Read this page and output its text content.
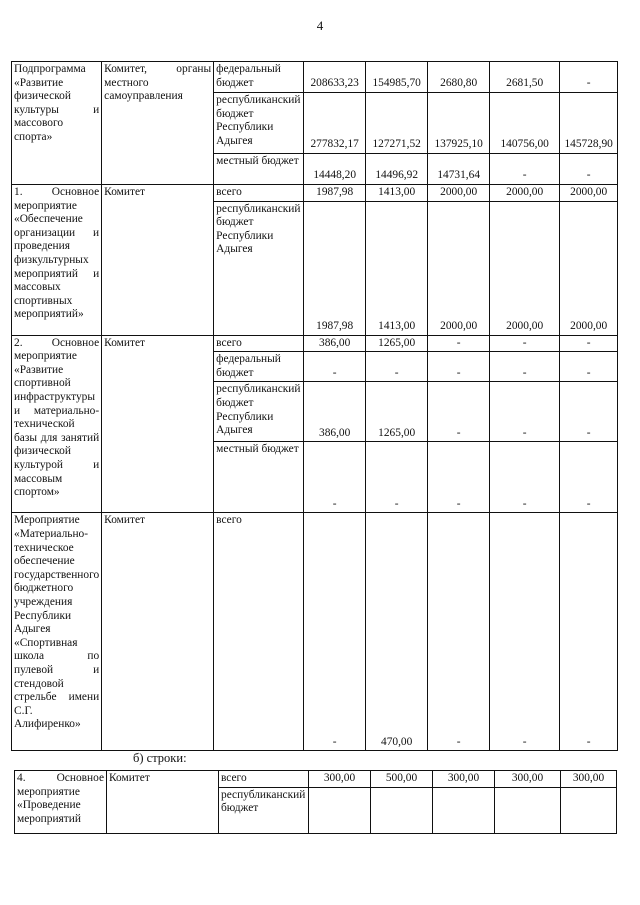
4
Подпрограмма «Развитие физической культуры и массового спорта»	Комитет, органы местного самоуправления	федеральный бюджет	208633,23	154985,70	2680,80	2681,50	-
		республиканский бюджет Республики Адыгея	277832,17	127271,52	137925,10	140756,00	145728,90
		местный бюджет	14448,20	14496,92	14731,64	-	-
1. Основное мероприятие «Обеспечение организации и проведения физкультурных мероприятий и массовых спортивных мероприятий»	Комитет	всего	1987,98	1413,00	2000,00	2000,00	2000,00
		республиканский бюджет Республики Адыгея	1987,98	1413,00	2000,00	2000,00	2000,00
2. Основное мероприятие «Развитие спортивной инфраструктуры и материально-технической базы для занятий физической культурой и массовым спортом»	Комитет	всего	386,00	1265,00	-	-	-
		федеральный бюджет	-	-	-	-	-
		республиканский бюджет Республики Адыгея	386,00	1265,00	-	-	-
		местный бюджет	-	-	-	-	-
Мероприятие «Материально-техническое обеспечение государственного бюджетного учреждения Республики Адыгея «Спортивная школа по пулевой и стендовой стрельбе имени С.Г. Алифиренко»	Комитет	всего	-	470,00	-	-	-
б) строки:
4. Основное мероприятие «Проведение мероприятий	Комитет	всего	300,00	500,00	300,00	300,00	300,00
		республиканский бюджет					
